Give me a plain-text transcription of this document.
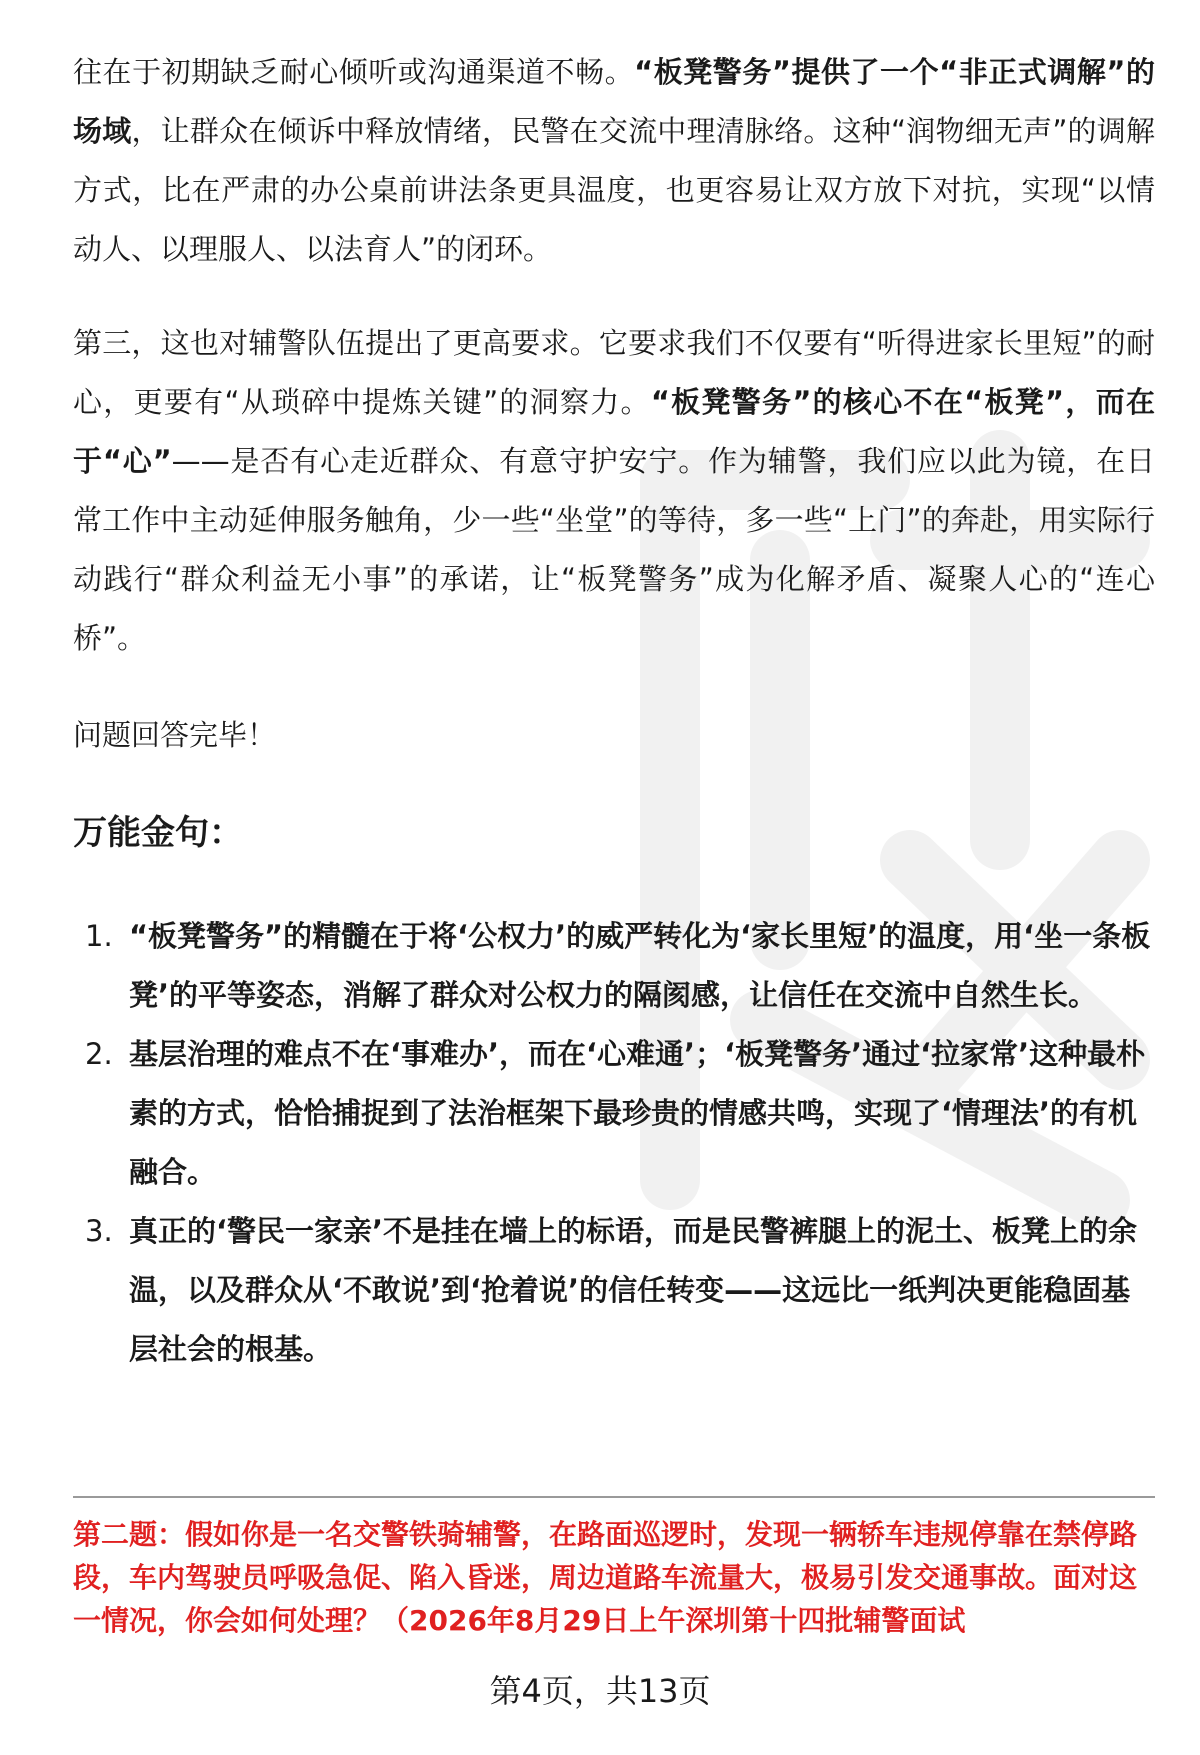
往在于初期缺乏耐心倾听或沟通渠道不畅。“板凳警务”提供了一个“非正式调解”的场域，让群众在倾诉中释放情绪，民警在交流中理清脉络。这种“润物细无声”的调解方式，比在严肃的办公桌前讲法条更具温度，也更容易让双方放下对抗，实现“以情动人、以理服人、以法育人”的闭环。

第三，这也对辅警队伍提出了更高要求。它要求我们不仅要有“听得进家长里短”的耐心，更要有“从琐碎中提炼关键”的洞察力。“板凳警务”的核心不在“板凳”，而在于“心”——是否有心走近群众、有意守护安宁。作为辅警，我们应以此为镜，在日常工作中主动延伸服务触角，少一些“坐堂”的等待，多一些“上门”的奔赴，用实际行动践行“群众利益无小事”的承诺，让“板凳警务”成为化解矛盾、凝聚人心的“连心桥”。

问题回答完毕！

万能金句：
1. “板凳警务”的精髓在于将‘公权力’的威严转化为‘家长里短’的温度，用‘坐一条板凳’的平等姿态，消解了群众对公权力的隔阂感，让信任在交流中自然生长。
2. 基层治理的难点不在‘事难办’，而在‘心难通’；‘板凳警务’通过‘拉家常’这种最朴素的方式，恰恰捕捉到了法治框架下最珍贵的情感共鸣，实现了‘情理法’的有机融合。
3. 真正的‘警民一家亲’不是挂在墙上的标语，而是民警裤腿上的泥土、板凳上的余温，以及群众从‘不敢说’到‘抢着说’的信任转变——这远比一纸判决更能稳固基层社会的根基。

第二题：假如你是一名交警铁骑辅警，在路面巡逻时，发现一辆轿车违规停靠在禁停路段，车内驾驶员呼吸急促、陷入昏迷，周边道路车流量大，极易引发交通事故。面对这一情况，你会如何处理？（2026年8月29日上午深圳第十四批辅警面试

第4页，共13页
